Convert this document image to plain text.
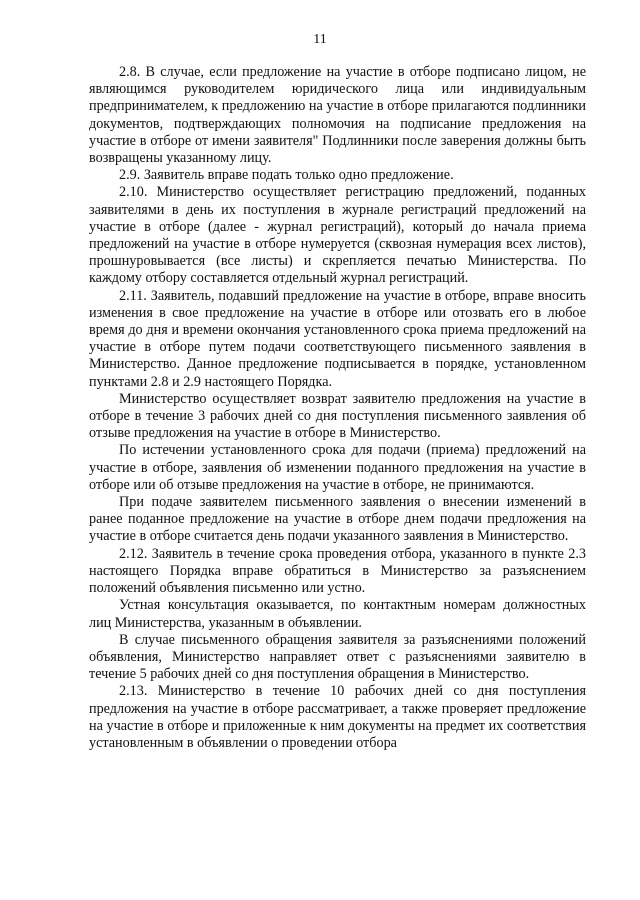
11

2.8. В случае, если предложение на участие в отборе подписано лицом, не являющимся руководителем юридического лица или индивидуальным предпринимателем, к предложению на участие в отборе прилагаются подлинники документов, подтверждающих полномочия на подписание предложения на участие в отборе от имени заявителя" Подлинники после заверения должны быть возвращены указанному лицу.

2.9. Заявитель вправе подать только одно предложение.

2.10. Министерство осуществляет регистрацию предложений, поданных заявителями в день их поступления в журнале регистраций предложений на участие в отборе (далее - журнал регистраций), который до начала приема предложений на участие в отборе нумеруется (сквозная нумерация всех листов), прошнуровывается (все листы) и скрепляется печатью Министерства. По каждому отбору составляется отдельный журнал регистраций.

2.11. Заявитель, подавший предложение на участие в отборе, вправе вносить изменения в свое предложение на участие в отборе или отозвать его в любое время до дня и времени окончания установленного срока приема предложений на участие в отборе путем подачи соответствующего письменного заявления в Министерство. Данное предложение подписывается в порядке, установленном пунктами 2.8 и 2.9 настоящего Порядка.

Министерство осуществляет возврат заявителю предложения на участие в отборе в течение 3 рабочих дней со дня поступления письменного заявления об отзыве предложения на участие в отборе в Министерство.

По истечении установленного срока для подачи (приема) предложений на участие в отборе, заявления об изменении поданного предложения на участие в отборе или об отзыве предложения на участие в отборе, не принимаются.

При подаче заявителем письменного заявления о внесении изменений в ранее поданное предложение на участие в отборе днем подачи предложения на участие в отборе считается день подачи указанного заявления в Министерство.

2.12. Заявитель в течение срока проведения отбора, указанного в пункте 2.3 настоящего Порядка вправе обратиться в Министерство за разъяснением положений объявления письменно или устно.

Устная консультация оказывается, по контактным номерам должностных лиц Министерства, указанным в объявлении.

В случае письменного обращения заявителя за разъяснениями положений объявления, Министерство направляет ответ с разъяснениями заявителю в течение 5 рабочих дней со дня поступления обращения в Министерство.

2.13. Министерство в течение 10 рабочих дней со дня поступления предложения на участие в отборе рассматривает, а также проверяет предложение на участие в отборе и приложенные к ним документы на предмет их соответствия установленным в объявлении о проведении отбора
